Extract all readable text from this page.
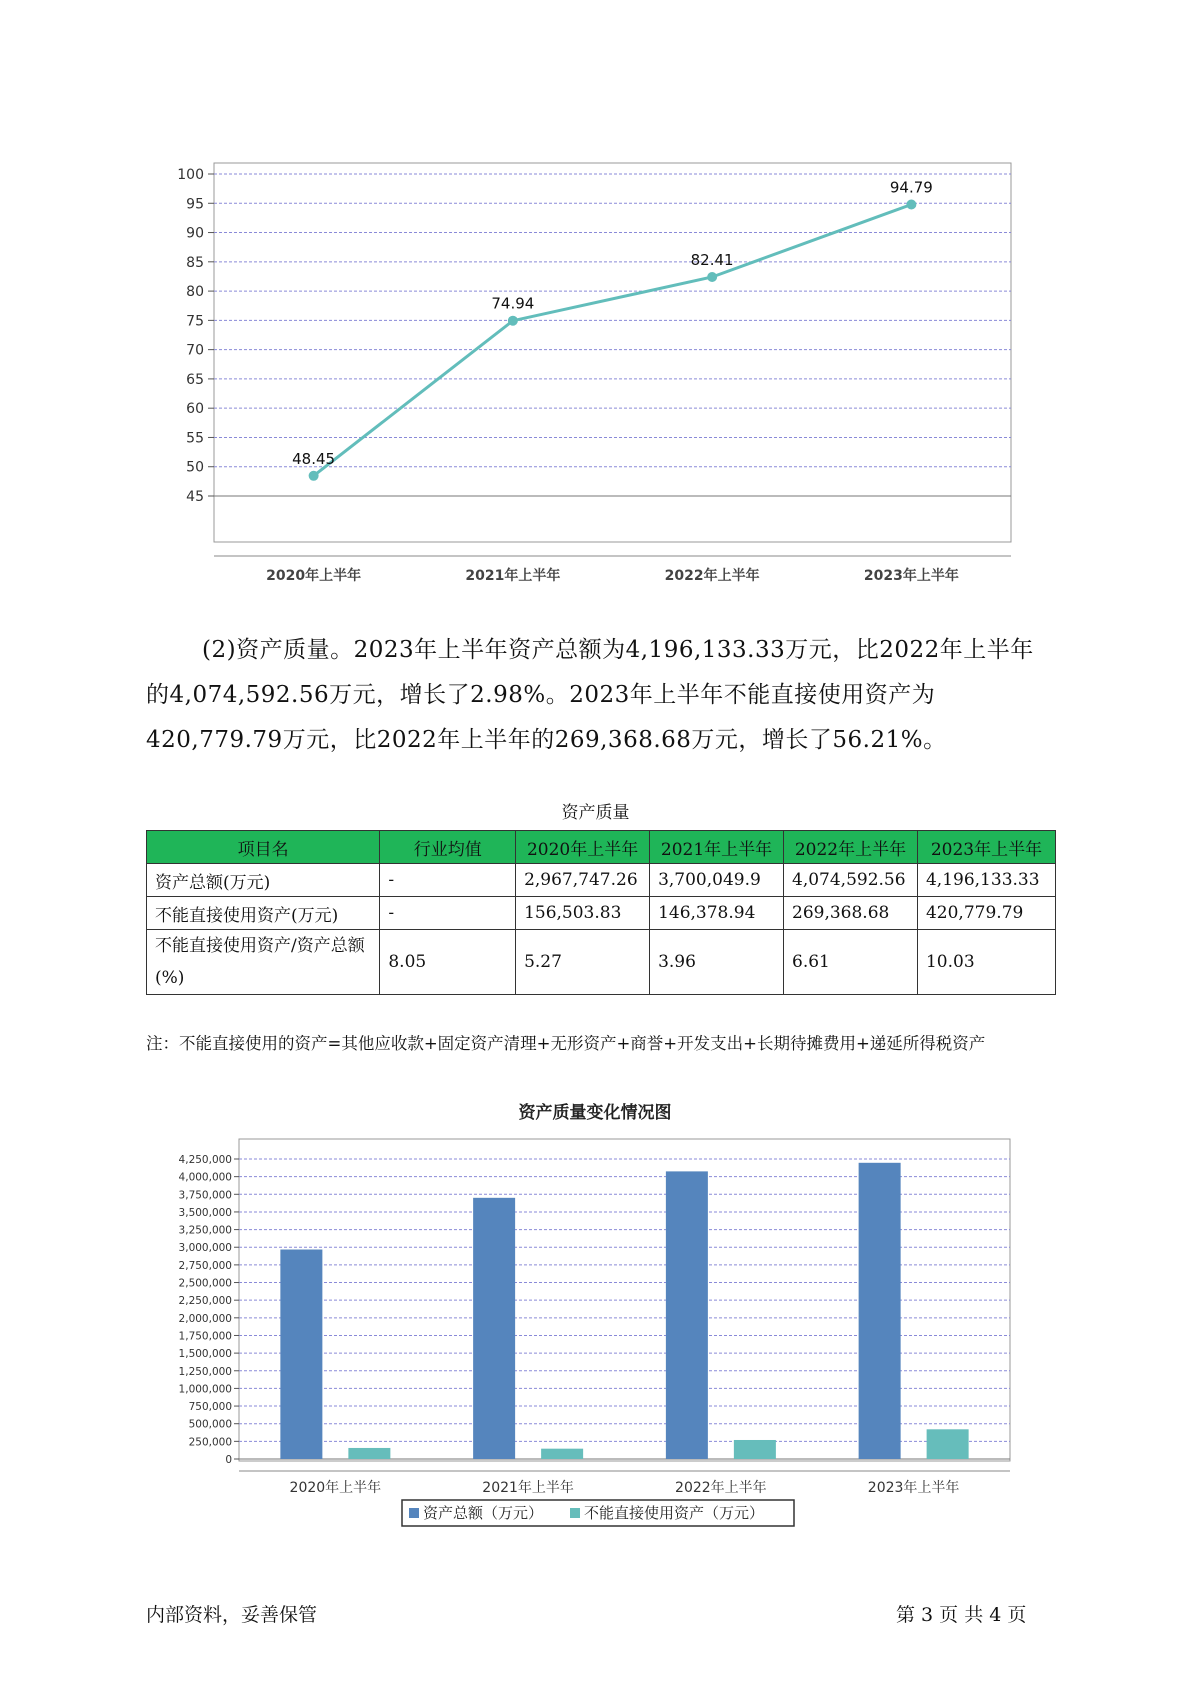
45
50
55
60
65
70
75
80
85
90
95
100
2020年上半年	2021年上半年	2022年上半年	2023年上半年
48.45
74.94
82.41
94.79

(2)资产质量。2023年上半年资产总额为4,196,133.33万元，比2022年上半年的4,074,592.56万元，增长了2.98%。2023年上半年不能直接使用资产为420,779.79万元，比2022年上半年的269,368.68万元，增长了56.21%。

资产质量
项目名	行业均值	2020年上半年	2021年上半年	2022年上半年	2023年上半年
资产总额(万元)	-	2,967,747.26	3,700,049.9	4,074,592.56	4,196,133.33
不能直接使用资产(万元)	-	156,503.83	146,378.94	269,368.68	420,779.79
不能直接使用资产/资产总额(%)	8.05	5.27	3.96	6.61	10.03
注：不能直接使用的资产=其他应收款+固定资产清理+无形资产+商誉+开发支出+长期待摊费用+递延所得税资产
资产质量变化情况图
0
250,000
500,000
750,000
1,000,000
1,250,000
1,500,000
1,750,000
2,000,000
2,250,000
2,500,000
2,750,000
3,000,000
3,250,000
3,500,000
3,750,000
4,000,000
4,250,000
2020年上半年	2021年上半年	2022年上半年	2023年上半年
资产总额（万元）	不能直接使用资产（万元）
内部资料，妥善保管	第 3 页 共 4 页
